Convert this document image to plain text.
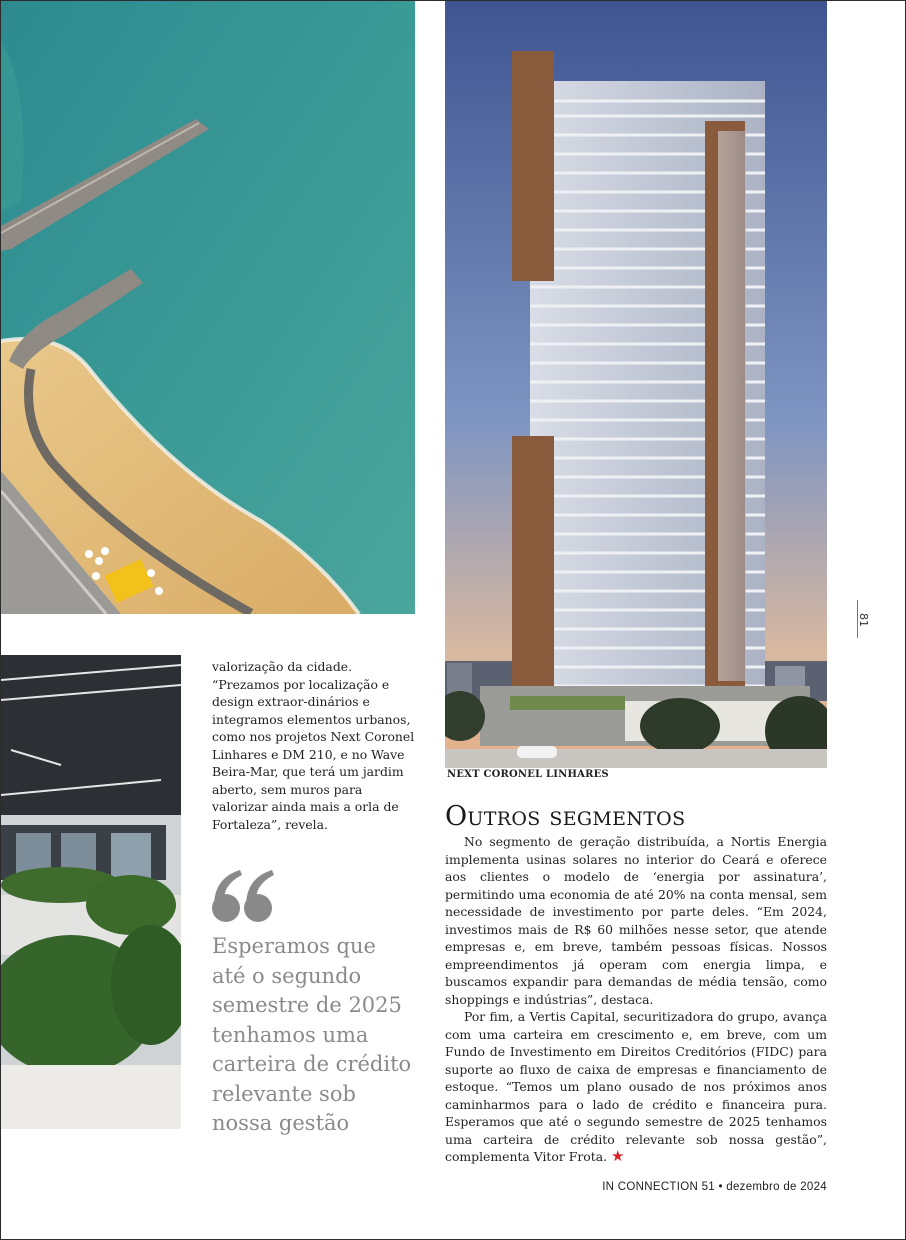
NEXT CORONEL LINHARES

valorização da cidade. “Prezamos por localização e design extraor-dinários e integramos elementos urbanos, como nos projetos Next Coronel Linhares e DM 210, e no Wave Beira-Mar, que terá um jardim aberto, sem muros para valorizar ainda mais a orla de Fortaleza”, revela.

Esperamos que até o segundo semestre de 2025 tenhamos uma carteira de crédito relevante sob nossa gestão

Outros segmentos

No segmento de geração distribuída, a Nortis Energia implementa usinas solares no interior do Ceará e oferece aos clientes o modelo de ‘energia por assinatura’, permitindo uma economia de até 20% na conta mensal, sem necessidade de investimento por parte deles. “Em 2024, investimos mais de R$ 60 milhões nesse setor, que atende empresas e, em breve, também pessoas físicas. Nossos empreendimentos já operam com energia limpa, e buscamos expandir para demandas de média tensão, como shoppings e indústrias”, destaca.

Por fim, a Vertis Capital, securitizadora do grupo, avança com uma carteira em crescimento e, em breve, com um Fundo de Investimento em Direitos Creditórios (FIDC) para suporte ao fluxo de caixa de empresas e financiamento de estoque. “Temos um plano ousado de nos próximos anos caminharmos para o lado de crédito e financeira pura. Esperamos que até o segundo semestre de 2025 tenhamos uma carteira de crédito relevante sob nossa gestão”, complementa Vitor Frota. ★

81
IN CONNECTION 51 • dezembro de 2024
